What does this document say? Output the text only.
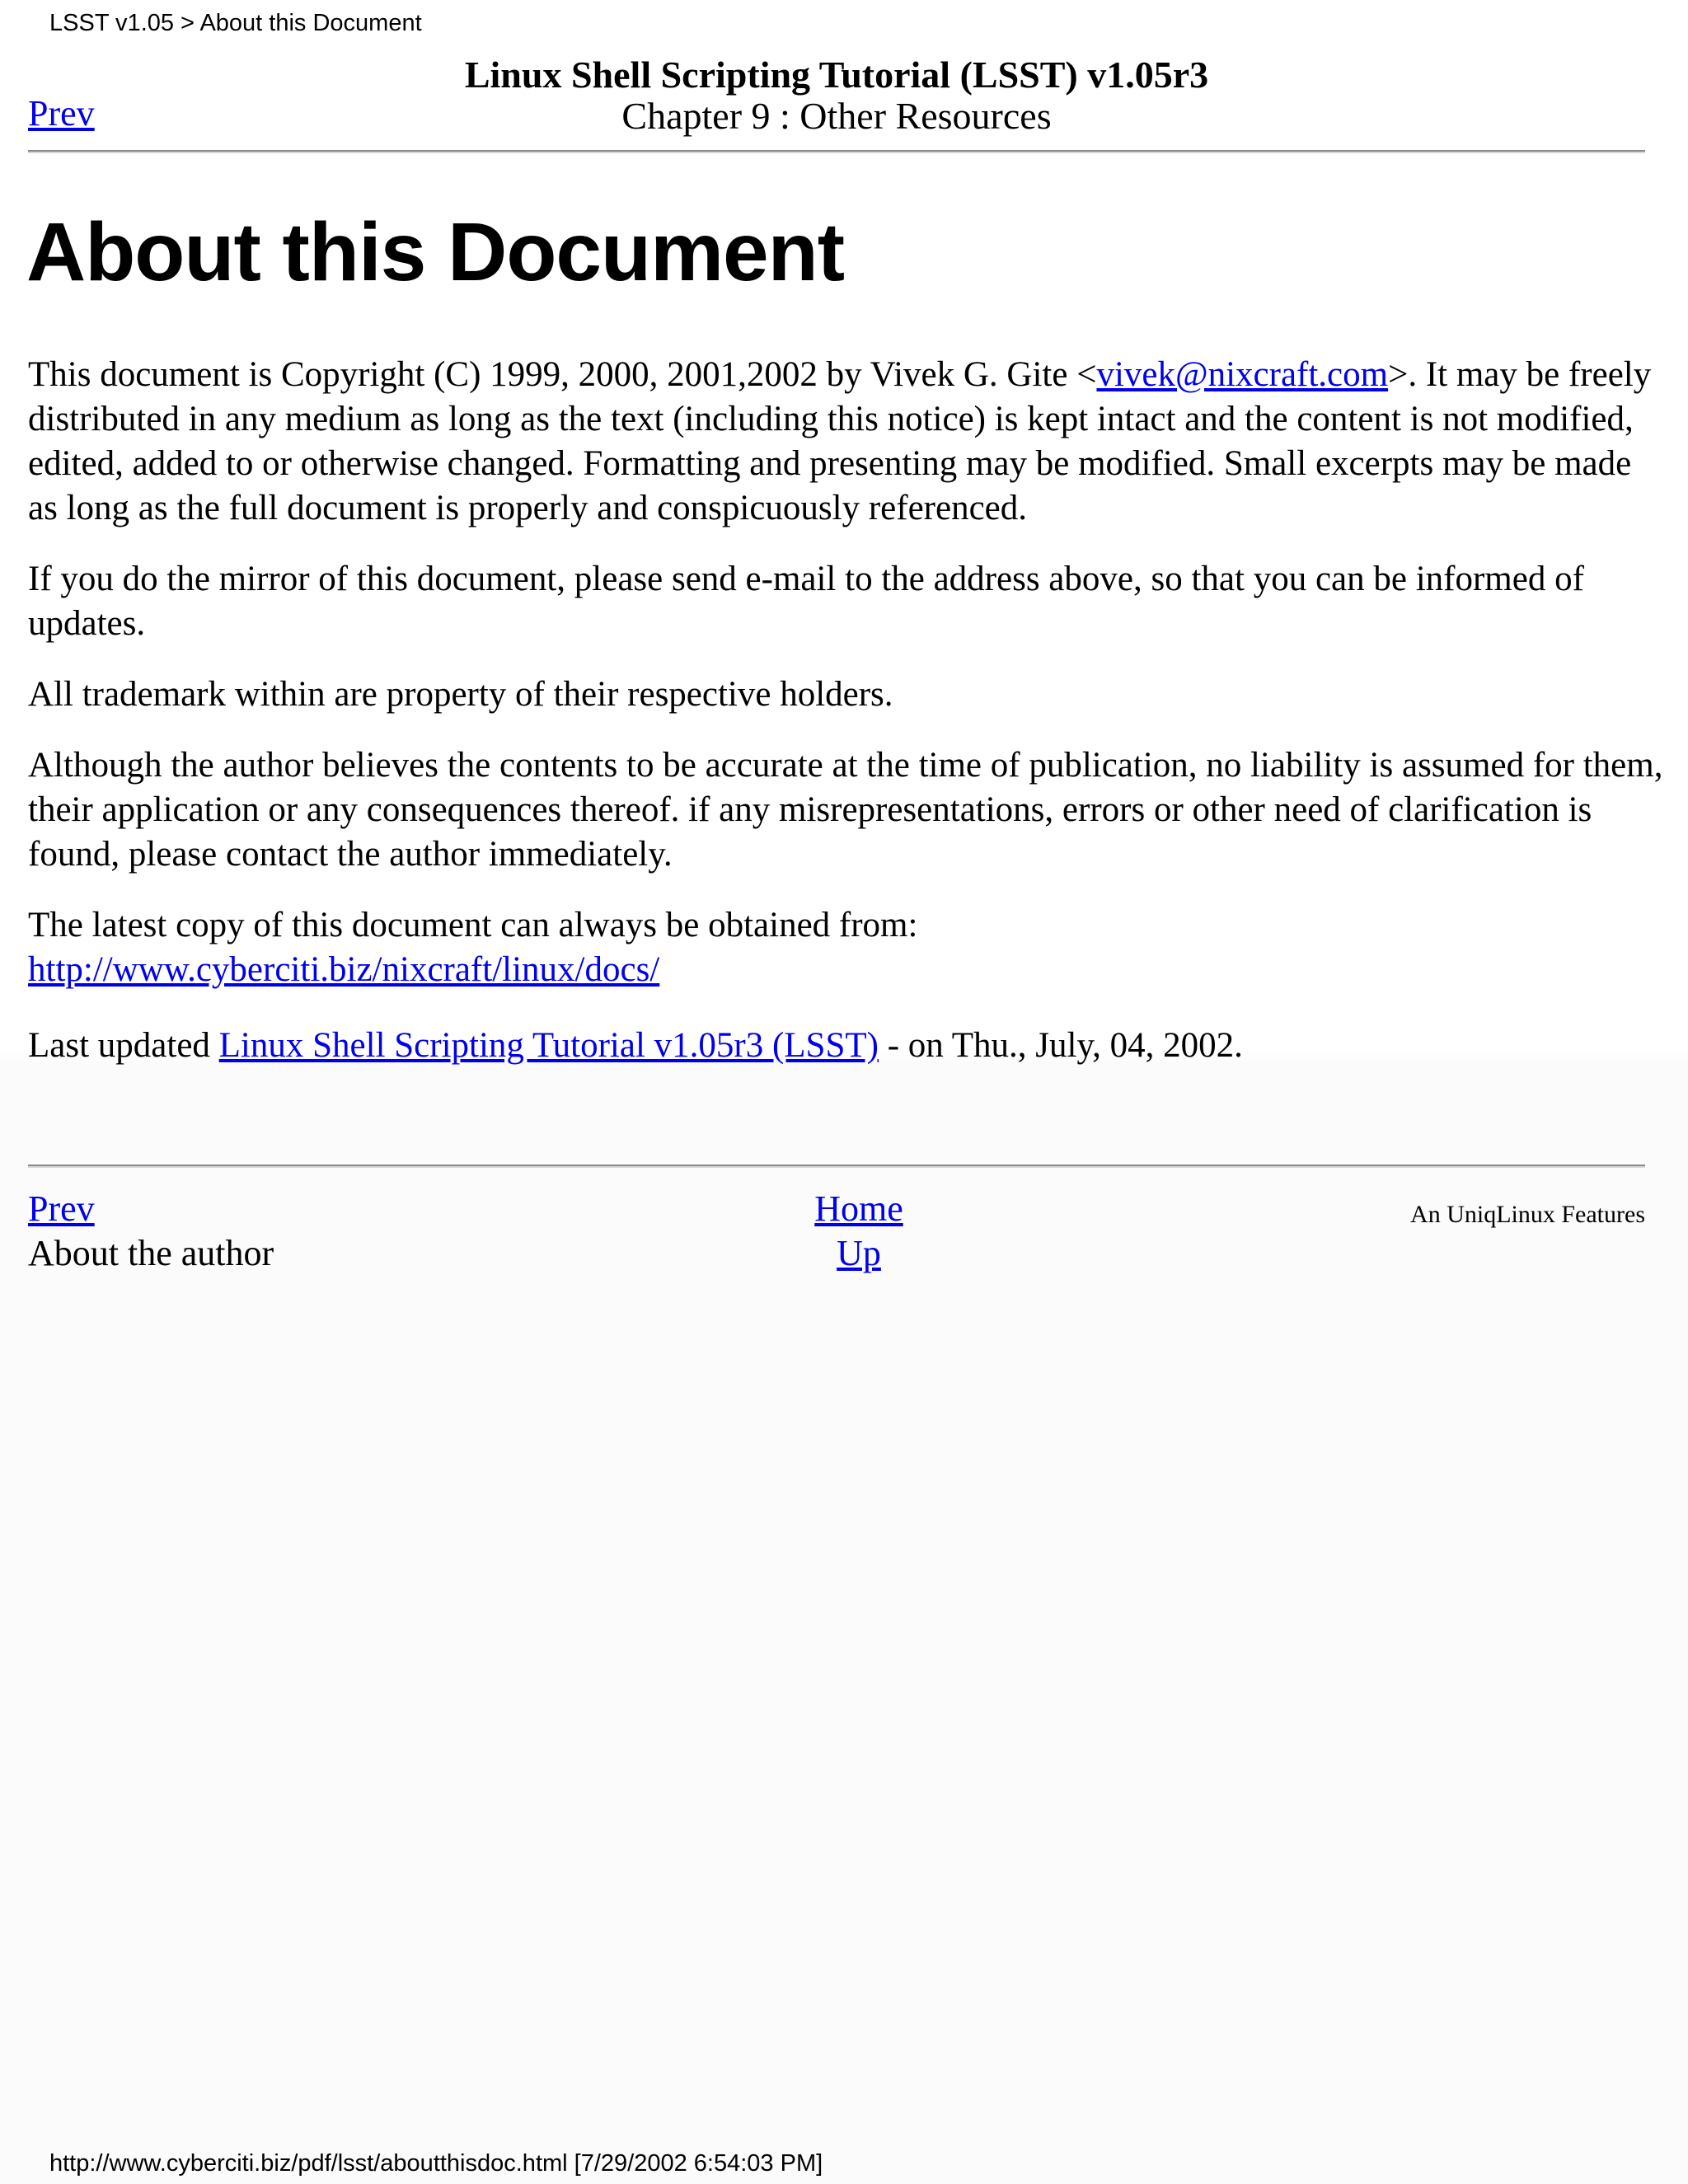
LSST v1.05 > About this Document
Prev
Linux Shell Scripting Tutorial (LSST) v1.05r3
Chapter 9 : Other Resources
About this Document

This document is Copyright (C) 1999, 2000, 2001,2002 by Vivek G. Gite <vivek@nixcraft.com>. It may be freely distributed in any medium as long as the text (including this notice) is kept intact and the content is not modified, edited, added to or otherwise changed. Formatting and presenting may be modified. Small excerpts may be made as long as the full document is properly and conspicuously referenced.

If you do the mirror of this document, please send e-mail to the address above, so that you can be informed of updates.

All trademark within are property of their respective holders.

Although the author believes the contents to be accurate at the time of publication, no liability is assumed for them, their application or any consequences thereof. if any misrepresentations, errors or other need of clarification is found, please contact the author immediately.

The latest copy of this document can always be obtained from:
http://www.cyberciti.biz/nixcraft/linux/docs/

Last updated Linux Shell Scripting Tutorial v1.05r3 (LSST) - on Thu., July, 04, 2002.

Prev
About the author
Home
Up
An UniqLinux Features
http://www.cyberciti.biz/pdf/lsst/aboutthisdoc.html [7/29/2002 6:54:03 PM]
